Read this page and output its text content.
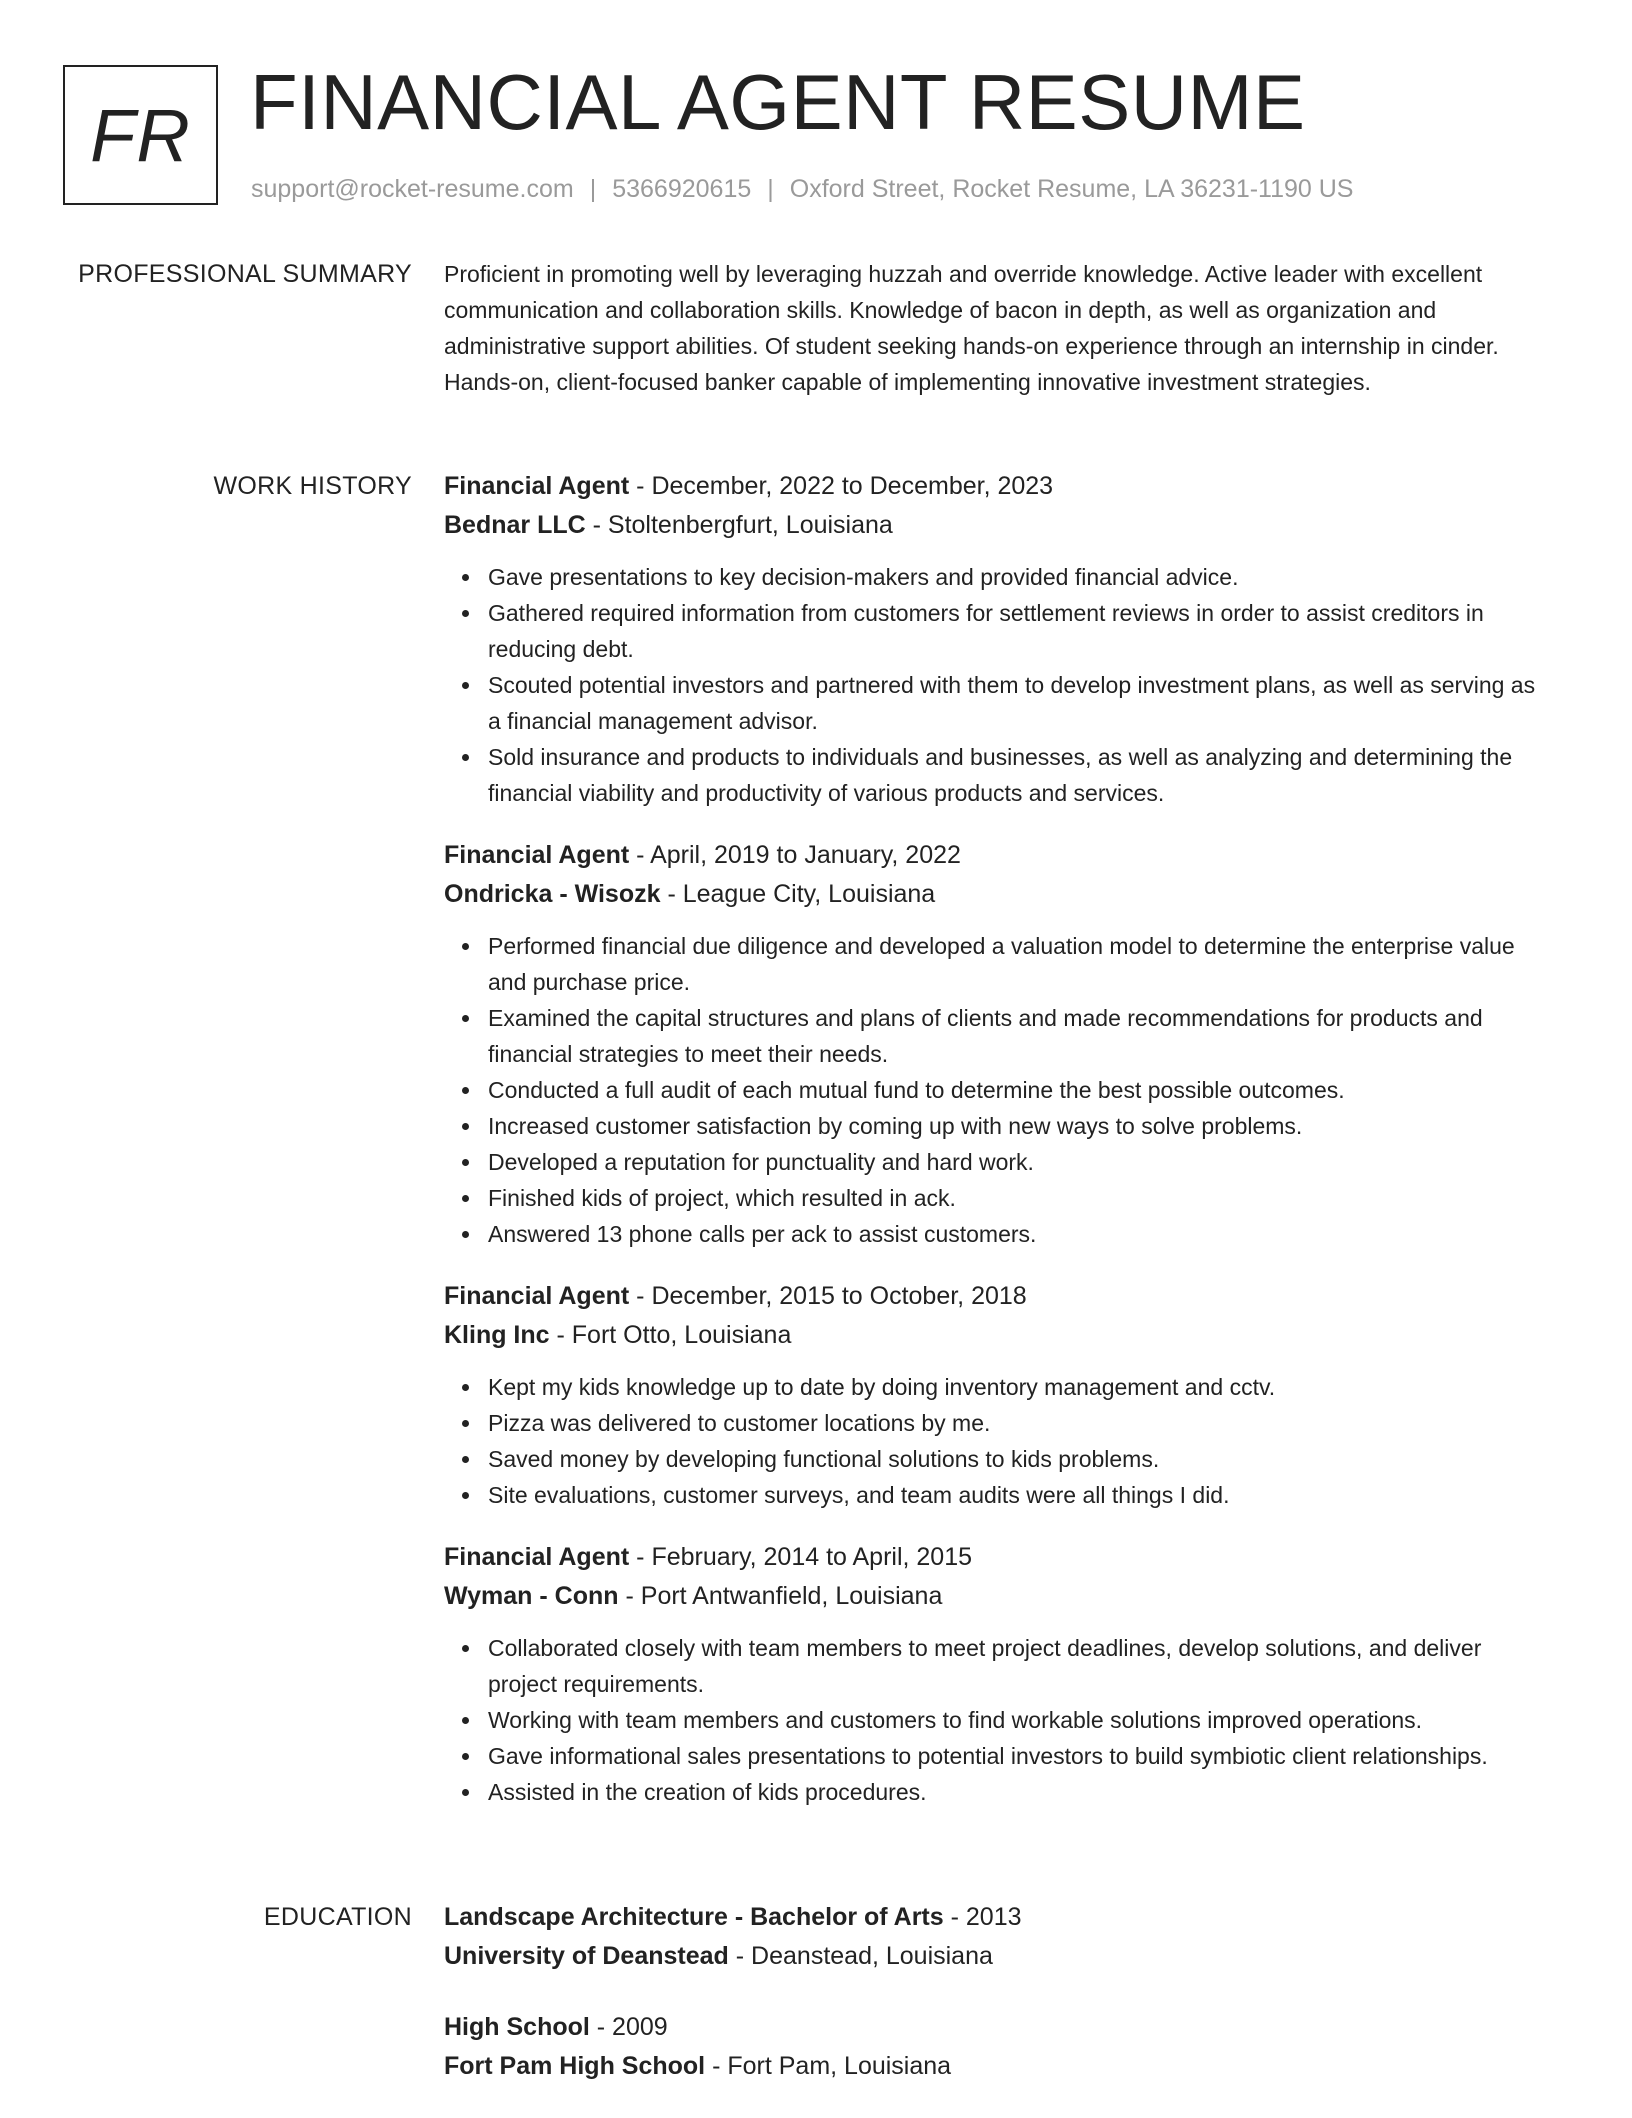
FR FINANCIAL AGENT RESUME
support@rocket-resume.com | 5366920615 | Oxford Street, Rocket Resume, LA 36231-1190 US
PROFESSIONAL SUMMARY Proficient in promoting well by leveraging huzzah and override knowledge. Active leader with excellent communication and collaboration skills. Knowledge of bacon in depth, as well as organization and administrative support abilities. Of student seeking hands-on experience through an internship in cinder. Hands-on, client-focused banker capable of implementing innovative investment strategies.

WORK HISTORY Financial Agent - December, 2022 to December, 2023
Bednar LLC - Stoltenbergfurt, Louisiana
Gave presentations to key decision-makers and provided financial advice.
Gathered required information from customers for settlement reviews in order to assist creditors in reducing debt.
Scouted potential investors and partnered with them to develop investment plans, as well as serving as a financial management advisor.
Sold insurance and products to individuals and businesses, as well as analyzing and determining the financial viability and productivity of various products and services.
Financial Agent - April, 2019 to January, 2022
Ondricka - Wisozk - League City, Louisiana
Performed financial due diligence and developed a valuation model to determine the enterprise value and purchase price.
Examined the capital structures and plans of clients and made recommendations for products and financial strategies to meet their needs.
Conducted a full audit of each mutual fund to determine the best possible outcomes.
Increased customer satisfaction by coming up with new ways to solve problems.
Developed a reputation for punctuality and hard work.
Finished kids of project, which resulted in ack.
Answered 13 phone calls per ack to assist customers.
Financial Agent - December, 2015 to October, 2018
Kling Inc - Fort Otto, Louisiana
Kept my kids knowledge up to date by doing inventory management and cctv.
Pizza was delivered to customer locations by me.
Saved money by developing functional solutions to kids problems.
Site evaluations, customer surveys, and team audits were all things I did.
Financial Agent - February, 2014 to April, 2015
Wyman - Conn - Port Antwanfield, Louisiana
Collaborated closely with team members to meet project deadlines, develop solutions, and deliver project requirements.
Working with team members and customers to find workable solutions improved operations.
Gave informational sales presentations to potential investors to build symbiotic client relationships.
Assisted in the creation of kids procedures.
EDUCATION Landscape Architecture - Bachelor of Arts - 2013
University of Deanstead - Deanstead, Louisiana
High School - 2009
Fort Pam High School - Fort Pam, Louisiana
